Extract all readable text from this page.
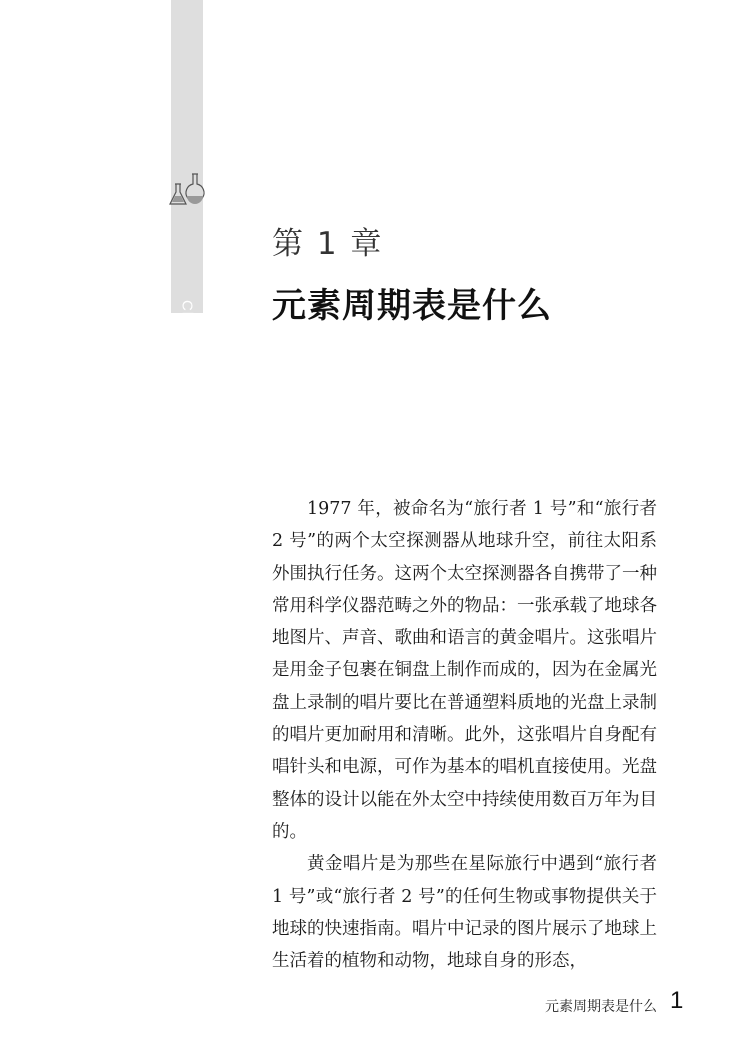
Chapter 01
第 1 章
元素周期表是什么

1977 年，被命名为“旅行者 1 号”和“旅行者 2 号”的两个太空探测器从地球升空，前往太阳系外围执行任务。这两个太空探测器各自携带了一种常用科学仪器范畴之外的物品：一张承载了地球各地图片、声音、歌曲和语言的黄金唱片。这张唱片是用金子包裹在铜盘上制作而成的，因为在金属光盘上录制的唱片要比在普通塑料质地的光盘上录制的唱片更加耐用和清晰。此外，这张唱片自身配有唱针头和电源，可作为基本的唱机直接使用。光盘整体的设计以能在外太空中持续使用数百万年为目的。

黄金唱片是为那些在星际旅行中遇到“旅行者 1 号”或“旅行者 2 号”的任何生物或事物提供关于地球的快速指南。唱片中记录的图片展示了地球上生活着的植物和动物，地球自身的形态，

元素周期表是什么 1
